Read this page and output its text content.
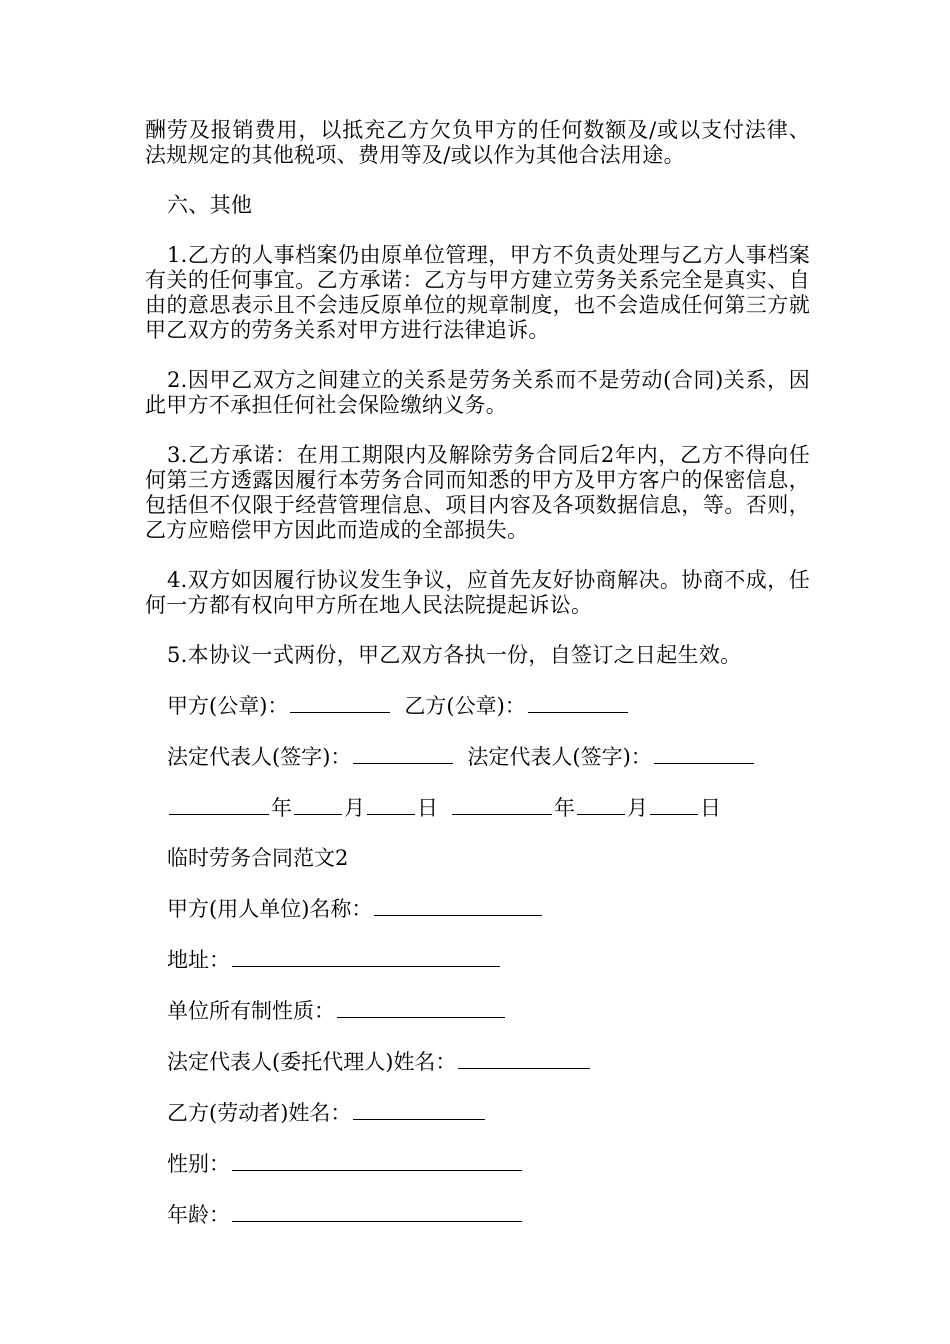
酬劳及报销费用，以抵充乙方欠负甲方的任何数额及/或以支付法律、法规规定的其他税项、费用等及/或以作为其他合法用途。

六、其他

1.乙方的人事档案仍由原单位管理，甲方不负责处理与乙方人事档案有关的任何事宜。乙方承诺：乙方与甲方建立劳务关系完全是真实、自由的意思表示且不会违反原单位的规章制度，也不会造成任何第三方就甲乙双方的劳务关系对甲方进行法律追诉。

2.因甲乙双方之间建立的关系是劳务关系而不是劳动(合同)关系，因此甲方不承担任何社会保险缴纳义务。

3.乙方承诺：在用工期限内及解除劳务合同后2年内，乙方不得向任何第三方透露因履行本劳务合同而知悉的甲方及甲方客户的保密信息，包括但不仅限于经营管理信息、项目内容及各项数据信息，等。否则，乙方应赔偿甲方因此而造成的全部损失。

4.双方如因履行协议发生争议，应首先友好协商解决。协商不成，任何一方都有权向甲方所在地人民法院提起诉讼。

5.本协议一式两份，甲乙双方各执一份，自签订之日起生效。

甲方(公章)：	乙方(公章)：
法定代表人(签字)：	法定代表人(签字)：
年 月 日	年 月 日
临时劳务合同范文2
甲方(用人单位)名称：
地址：
单位所有制性质：
法定代表人(委托代理人)姓名：
乙方(劳动者)姓名：
性别：
年龄：
